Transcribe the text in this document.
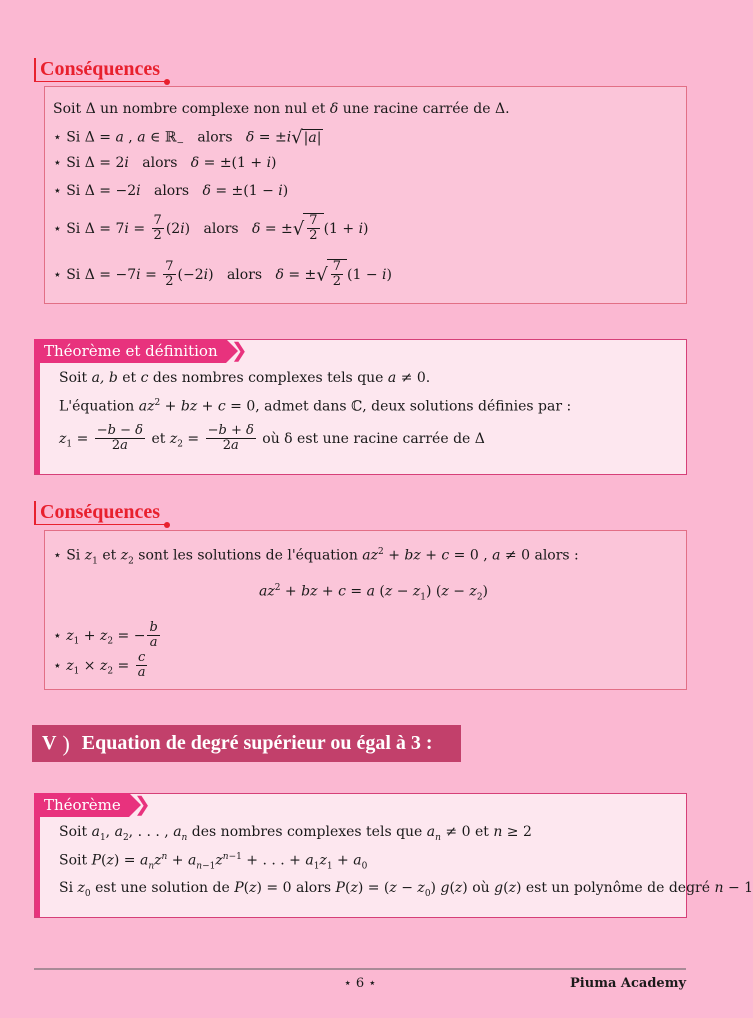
Soit Δ un nombre complexe non nul et δ une racine carrée de Δ.
⋆ Si Δ = a , a ∈ ℝ$_-$ alors δ = ±i√|a|
⋆ Si Δ = 2i alors δ = ±(1 + i)
⋆ Si Δ = −2i alors δ = ±(1 − i)
⋆ Si $\Delta = 7i = \frac{7}{2} (2i)$   alors δ = ±√ $\frac{7}{2} (1 + i)$
⋆ Si $\Delta = -7i = \frac{7}{2} (-2i)$   alors δ = ±√ $\frac{7}{2} (1 - i)$
Conséquences
Soit a, b et c des nombres complexes tels que a ≠ 0.
L'équation $az^2$ + bz + c = 0, admet dans ℂ, deux solutions définies par :
$z_1 = \frac{-b - \delta}{2a}$ et $z_2 = \frac{-b + \delta}{2a}$ où δ est une racine carrée de Δ
Théorème et définition ❯
⋆ Si $z_1$ et $z_2$ sont les solutions de l'équation $az^2$ + bz + c = 0 , a ≠ 0 alors :
$az^2$ + bz + c = a $(z - z_1)$ $(z - z_2)$
⋆ $z_1 + z_2$ = − $\frac{b}{a}$
⋆ $z_1 \times z_2 = \frac{c}{a}$
Conséquences
V ) Equation de degré supérieur ou égal à 3 :
Soit $a_1$, $a_2$, . . . , $a_n$ des nombres complexes tels que $a_n \ne 0$ et n ≥ 2
Soit $P(z) = a_nz^n + a_{n-1}z^{n-1}$ + . . . + $a_1z_1 + a_0$
Si $z_0$ est une solution de P(z) = 0 alors $P(z) = (z - z_0)$ g(z) où g(z) est un polynôme de degré n − 1
Théorème ❯
⋆ 6 ⋆	Piuma Academy
